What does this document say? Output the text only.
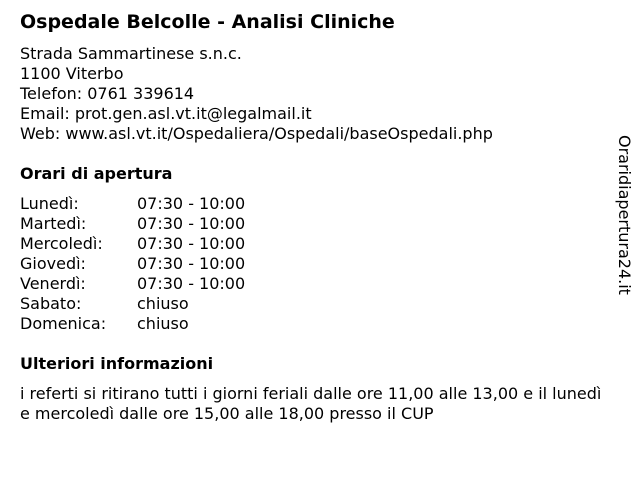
Ospedale Belcolle - Analisi Cliniche
Strada Sammartinese s.n.c.
1100 Viterbo
Telefon: 0761 339614
Email: prot.gen.asl.vt.it@legalmail.it
Web: www.asl.vt.it/Ospedaliera/Ospedali/baseOspedali.php
Orari di apertura
Lunedì:	07:30 - 10:00
Martedì:	07:30 - 10:00
Mercoledì:	07:30 - 10:00
Giovedì:	07:30 - 10:00
Venerdì:	07:30 - 10:00
Sabato:	chiuso
Domenica:	chiuso
Ulteriori informazioni
i referti si ritirano tutti i giorni feriali dalle ore 11,00 alle 13,00 e il lunedì e mercoledì dalle ore 15,00 alle 18,00 presso il CUP
Oraridiapertura24.it
